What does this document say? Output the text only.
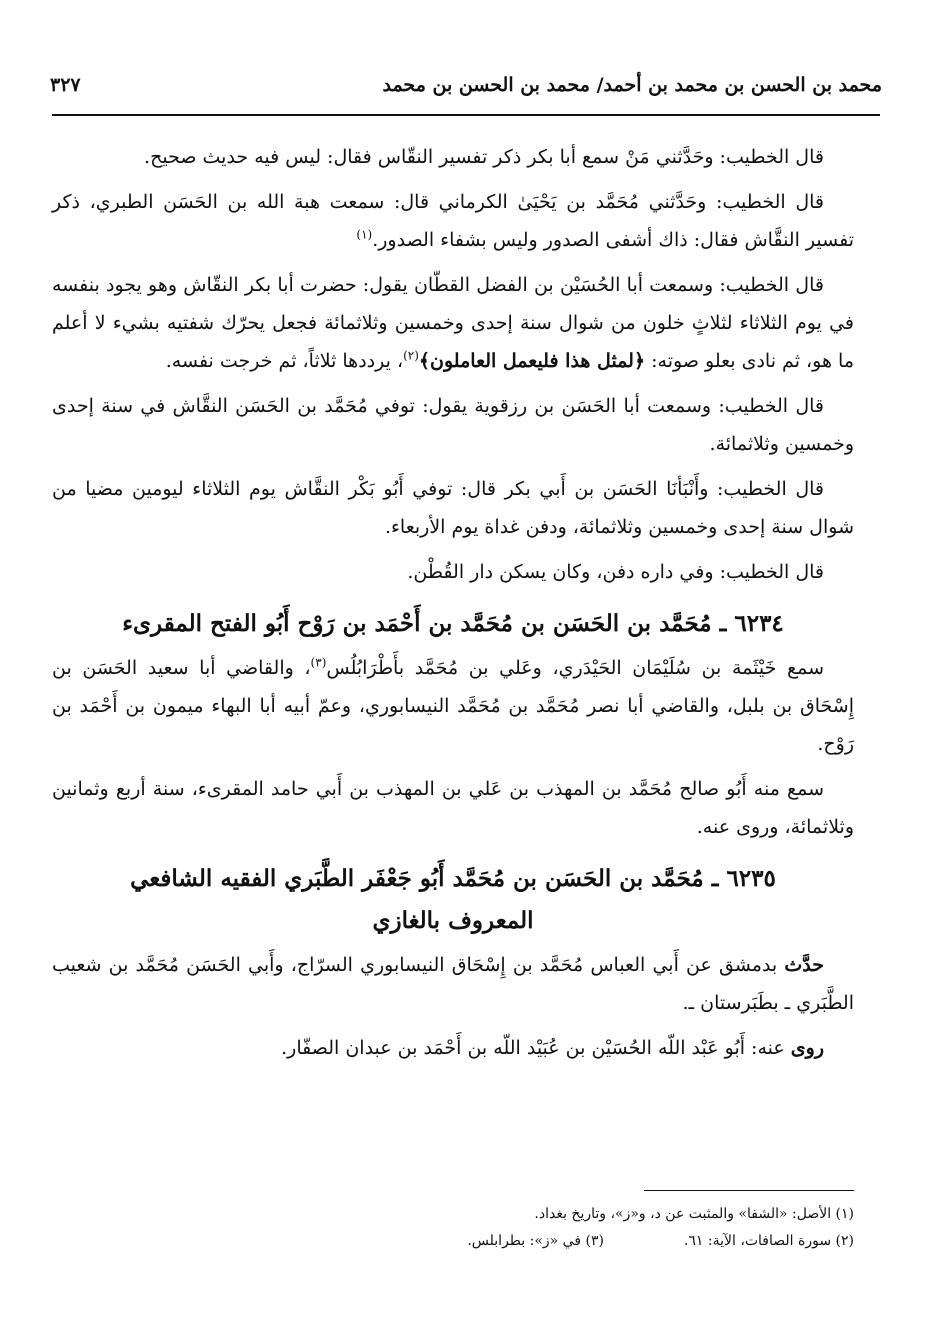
محمد بن الحسن بن محمد بن أحمد/ محمد بن الحسن بن محمد
٣٢٧

قال الخطيب: وحَدَّثني مَنْ سمع أبا بكر ذكر تفسير النقّاس فقال: ليس فيه حديث صحيح.

قال الخطيب: وحَدَّثني مُحَمَّد بن يَحْيَىٰ الكرماني قال: سمعت هبة الله بن الحَسَن الطبري، ذكر تفسير النقَّاش فقال: ذاك أشفى الصدور وليس بشفاء الصدور.$^{(١)}$

قال الخطيب: وسمعت أبا الحُسَيْن بن الفضل القطّان يقول: حضرت أبا بكر النقّاش وهو يجود بنفسه في يوم الثلاثاء لثلاثٍ خلون من شوال سنة إحدى وخمسين وثلاثمائة فجعل يحرّك شفتيه بشيء لا أعلم ما هو، ثم نادى بعلو صوته: ﴿لمثل هذا فليعمل العاملون﴾$^{(٢)}$، يرددها ثلاثاً، ثم خرجت نفسه.

قال الخطيب: وسمعت أبا الحَسَن بن رزقوية يقول: توفي مُحَمَّد بن الحَسَن النقَّاش في سنة إحدى وخمسين وثلاثمائة.

قال الخطيب: وأَنْبَأنَا الحَسَن بن أَبي بكر قال: توفي أَبُو بَكْر النقَّاش يوم الثلاثاء ليومين مضيا من شوال سنة إحدى وخمسين وثلاثمائة، ودفن غداة يوم الأربعاء.

قال الخطيب: وفي داره دفن، وكان يسكن دار القُطْن.

٦٢٣٤ ـ مُحَمَّد بن الحَسَن بن مُحَمَّد بن أَحْمَد بن رَوْح أَبُو الفتح المقرىء

سمع خَيْثَمة بن سُلَيْمَان الحَيْدَري، وعَلي بن مُحَمَّد بأَطْرَابُلُس$^{(٣)}$، والقاضي أبا سعيد الحَسَن بن إِسْحَاق بن بلبل، والقاضي أبا نصر مُحَمَّد بن مُحَمَّد النيسابوري، وعمّ أبيه أبا البهاء ميمون بن أَحْمَد بن رَوْح.

سمع منه أَبُو صالح مُحَمَّد بن المهذب بن عَلي بن المهذب بن أَبي حامد المقرىء، سنة أربع وثمانين وثلاثمائة، وروى عنه.

٦٢٣٥ ـ مُحَمَّد بن الحَسَن بن مُحَمَّد أَبُو جَعْفَر الطَّبَري الفقيه الشافعي
المعروف بالغازي

حدَّث بدمشق عن أَبي العباس مُحَمَّد بن إِسْحَاق النيسابوري السرّاج، وأَبي الحَسَن مُحَمَّد بن شعيب الطَّبَري ـ بطَبَرستان ـ.

روى عنه: أَبُو عَبْد اللّه الحُسَيْن بن عُبَيْد اللّه بن أَحْمَد بن عبدان الصفّار.

(١) الأصل: «الشفا» والمثبت عن د، و«ز»، وتاريخ بغداد.
(٢) سورة الصافات، الآية: ٦١.(٣) في «ز»: بطرابلس.
